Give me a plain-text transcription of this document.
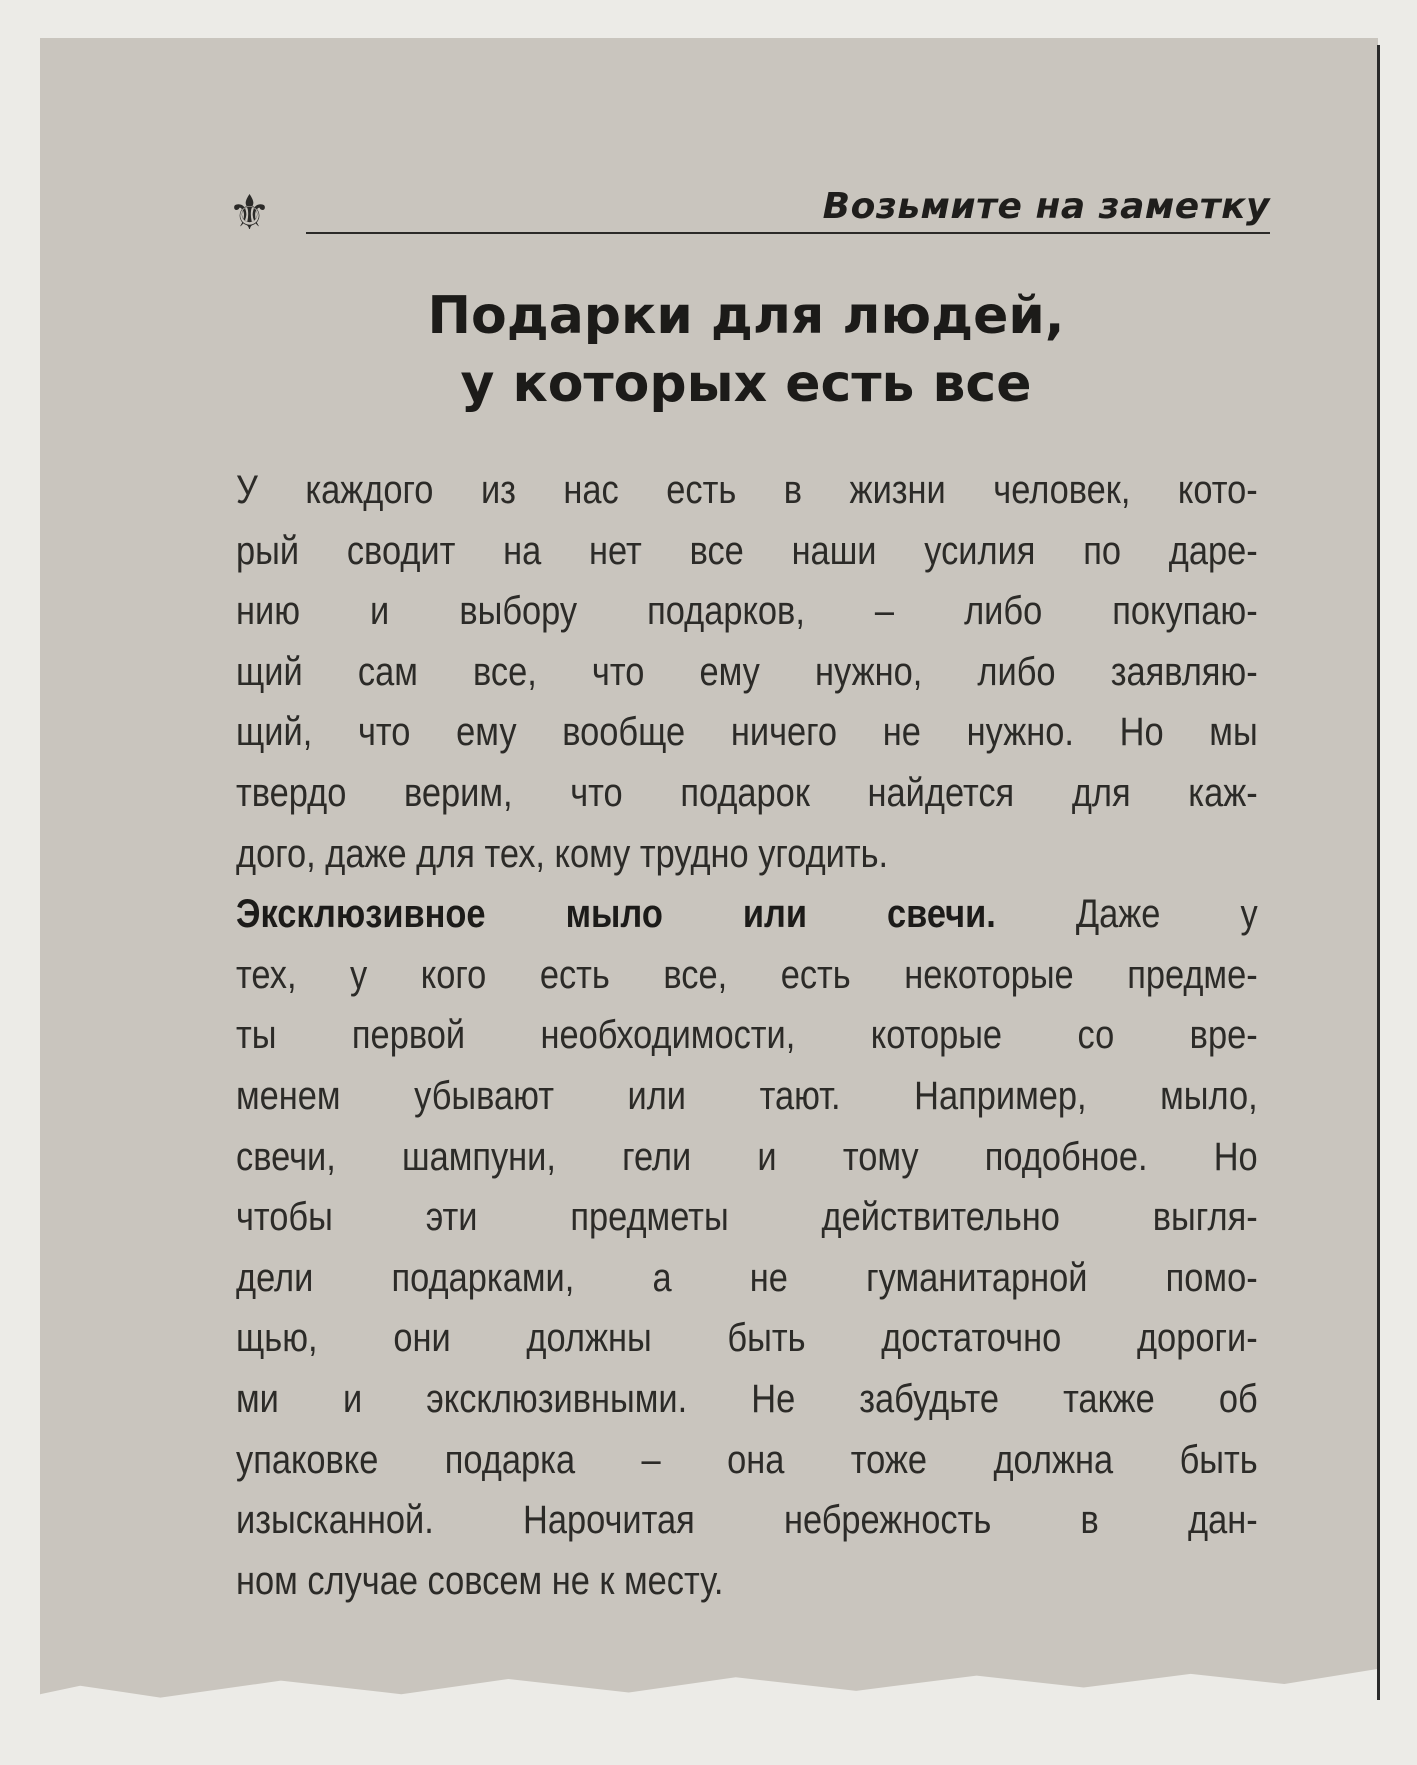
⚜	Возьмите на заметку
Подарки для людей,
у которых есть все
У каждого из нас есть в жизни человек, кото-
рый сводит на нет все наши усилия по даре-
нию и выбору подарков, – либо покупаю-
щий сам все, что ему нужно, либо заявляю-
щий, что ему вообще ничего не нужно. Но мы
твердо верим, что подарок найдется для каж-
дого, даже для тех, кому трудно угодить.
Эксклюзивное мыло или свечи. Даже у
тех, у кого есть все, есть некоторые предме-
ты первой необходимости, которые со вре-
менем убывают или тают. Например, мыло,
свечи, шампуни, гели и тому подобное. Но
чтобы эти предметы действительно выгля-
дели подарками, а не гуманитарной помо-
щью, они должны быть достаточно дороги-
ми и эксклюзивными. Не забудьте также об
упаковке подарка – она тоже должна быть
изысканной. Нарочитая небрежность в дан-
ном случае совсем не к месту.
